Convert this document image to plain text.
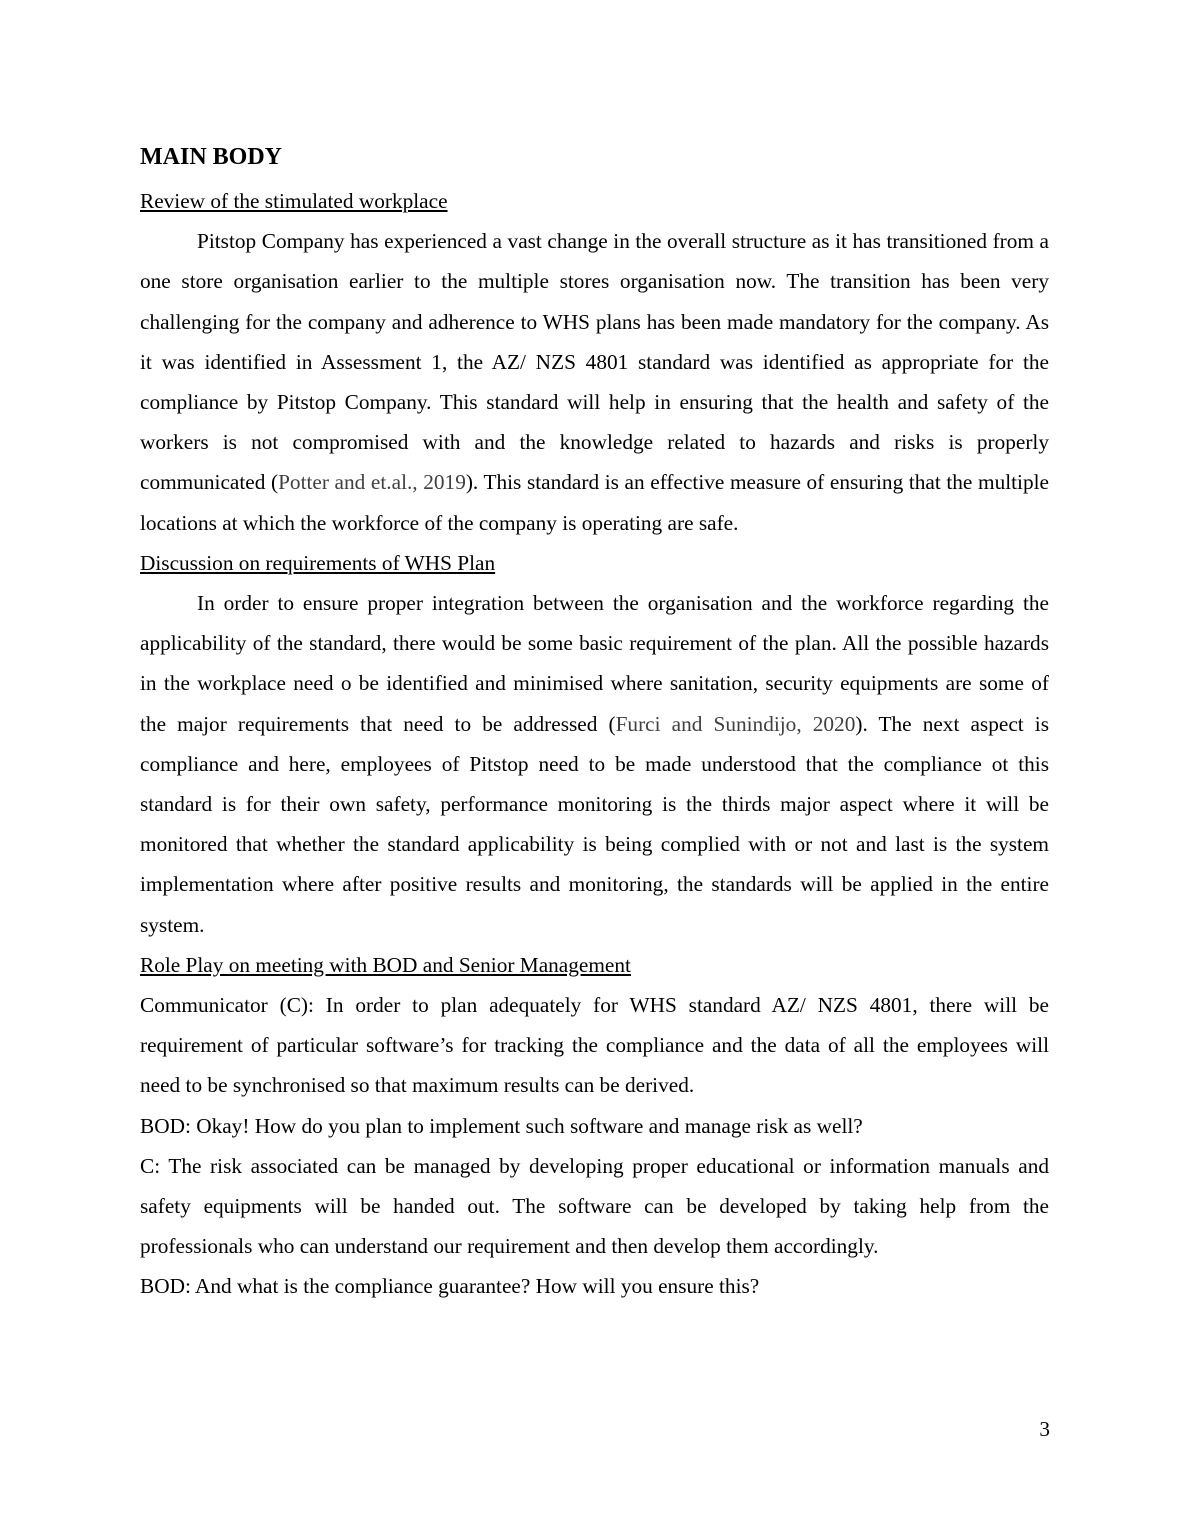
MAIN BODY
Review of the stimulated workplace

Pitstop Company has experienced a vast change in the overall structure as it has transitioned from a one store organisation earlier to the multiple stores organisation now. The transition has been very challenging for the company and adherence to WHS plans has been made mandatory for the company. As it was identified in Assessment 1, the AZ/ NZS 4801 standard was identified as appropriate for the compliance by Pitstop Company. This standard will help in ensuring that the health and safety of the workers is not compromised with and the knowledge related to hazards and risks is properly communicated (Potter and et.al., 2019). This standard is an effective measure of ensuring that the multiple locations at which the workforce of the company is operating are safe.

Discussion on requirements of WHS Plan

In order to ensure proper integration between the organisation and the workforce regarding the applicability of the standard, there would be some basic requirement of the plan. All the possible hazards in the workplace need o be identified and minimised where sanitation, security equipments are some of the major requirements that need to be addressed (Furci and Sunindijo, 2020). The next aspect is compliance and here, employees of Pitstop need to be made understood that the compliance ot this standard is for their own safety, performance monitoring is the thirds major aspect where it will be monitored that whether the standard applicability is being complied with or not and last is the system implementation where after positive results and monitoring, the standards will be applied in the entire system.

Role Play on meeting with BOD and Senior Management

Communicator (C): In order to plan adequately for WHS standard AZ/ NZS 4801, there will be requirement of particular software’s for tracking the compliance and the data of all the employees will need to be synchronised so that maximum results can be derived.

BOD: Okay! How do you plan to implement such software and manage risk as well?

C: The risk associated can be managed by developing proper educational or information manuals and safety equipments will be handed out. The software can be developed by taking help from the professionals who can understand our requirement and then develop them accordingly.

BOD: And what is the compliance guarantee? How will you ensure this?

3
